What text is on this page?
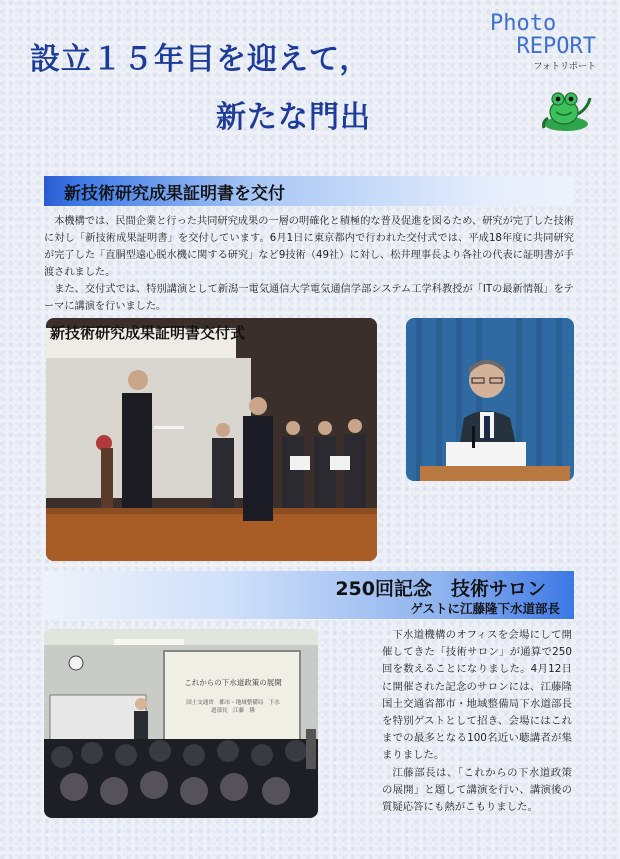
設立１５年目を迎えて，
新たな門出
Photo
REPORT
フォトリポート
新技術研究成果証明書を交付

本機構では、民間企業と行った共同研究成果の一層の明確化と積極的な普及促進を図るため、研究が完了した技術に対し「新技術成果証明書」を交付しています。6月1日に東京都内で行われた交付式では、平成18年度に共同研究が完了した「直胴型遠心脱水機に関する研究」など9技術（49社）に対し、松井理事長より各社の代表に証明書が手渡されました。

また、交付式では、特別講演として新潟一電気通信大学電気通信学部システム工学科教授が「ITの最新情報」をテーマに講演を行いました。

新技術研究成果証明書交付式
250回記念　技術サロン
ゲストに江藤隆下水道部長
これからの下水道政策の展開
国土交通省　都市・地域整備局　下水道部長　江藤　隆

下水道機構のオフィスを会場にして開催してきた「技術サロン」が通算で250回を数えることになりました。4月12日に開催された記念のサロンには、江藤隆国土交通省都市・地域整備局下水道部長を特別ゲストとして招き、会場にはこれまでの最多となる100名近い聴講者が集まりました。

江藤部長は、「これからの下水道政策の展開」と題して講演を行い、講演後の質疑応答にも熱がこもりました。
